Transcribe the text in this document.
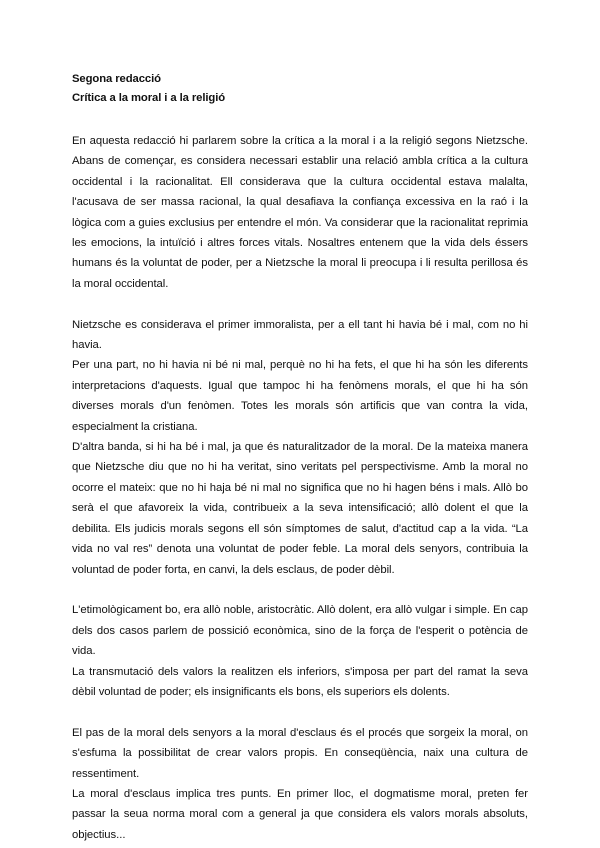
Segona redacció
Crítica a la moral i a la religió

En aquesta redacció hi parlarem sobre la crítica a la moral i a la religió segons Nietzsche. Abans de començar, es considera necessari establir una relació ambla crítica a la cultura occidental i la racionalitat. Ell considerava que la cultura occidental estava malalta, l'acusava de ser massa racional, la qual desafiava la confiança excessiva en la raó i la lògica com a guies exclusius per entendre el món. Va considerar que la racionalitat reprimia les emocions, la intuïció i altres forces vitals. Nosaltres entenem que la vida dels éssers humans és la voluntat de poder, per a Nietzsche la moral li preocupa i li resulta perillosa és la moral occidental.

Nietzsche es considerava el primer immoralista, per a ell tant hi havia bé i mal, com no hi havia.

Per una part, no hi havia ni bé ni mal, perquè no hi ha fets, el que hi ha són les diferents interpretacions d'aquests. Igual que tampoc hi ha fenòmens morals, el que hi ha són diverses morals d'un fenòmen. Totes les morals són artificis que van contra la vida, especialment la cristiana.

D'altra banda, si hi ha bé i mal, ja que és naturalitzador de la moral. De la mateixa manera que Nietzsche diu que no hi ha veritat, sino veritats pel perspectivisme. Amb la moral no ocorre el mateix: que no hi haja bé ni mal no significa que no hi hagen béns i mals. Allò bo serà el que afavoreix la vida, contribueix a la seva intensificació; allò dolent el que la debilita. Els judicis morals segons ell són símptomes de salut, d'actitud cap a la vida. “La vida no val res” denota una voluntat de poder feble. La moral dels senyors, contribuia la voluntad de poder forta, en canvi, la dels esclaus, de poder dèbil.

L'etimològicament bo, era allò noble, aristocràtic. Allò dolent, era allò vulgar i simple. En cap dels dos casos parlem de possició econòmica, sino de la força de l'esperit o potència de vida.

La transmutació dels valors la realitzen els inferiors, s'imposa per part del ramat la seva dèbil voluntad de poder; els insignificants els bons, els superiors els dolents.

El pas de la moral dels senyors a la moral d'esclaus és el procés que sorgeix la moral, on s'esfuma la possibilitat de crear valors propis. En conseqüència, naix una cultura de ressentiment.

La moral d'esclaus implica tres punts. En primer lloc, el dogmatisme moral, preten fer passar la seua norma moral com a general ja que considera els valors morals absoluts, objectius...
